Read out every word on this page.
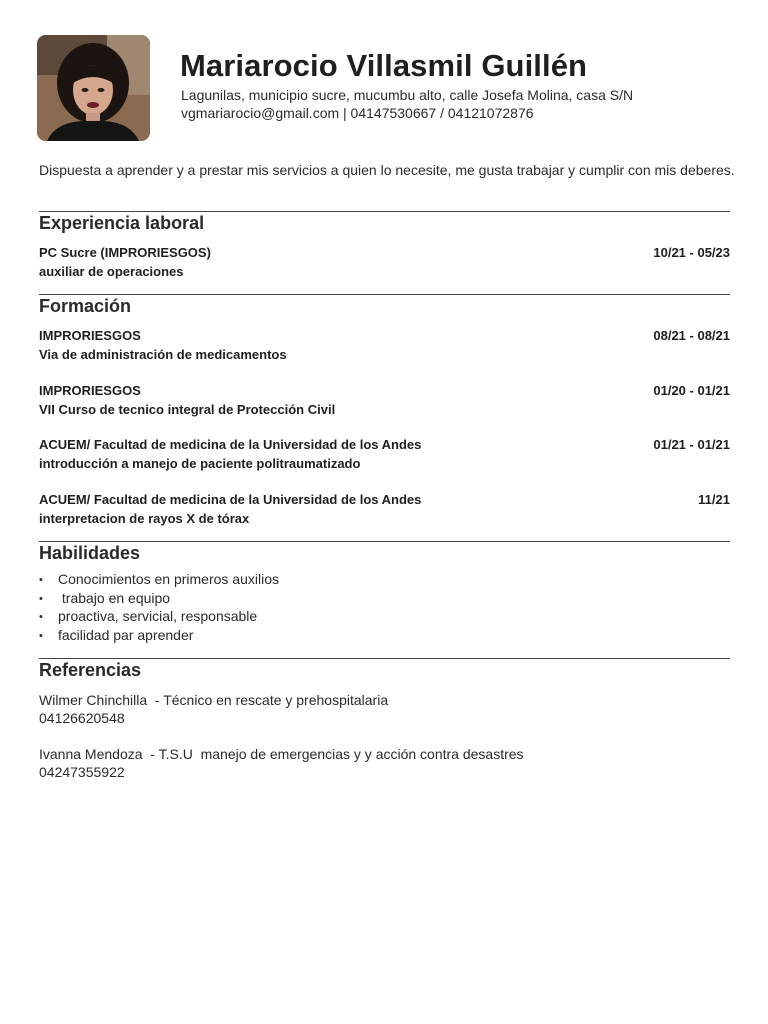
Mariarocio Villasmil Guillén
Lagunilas, municipio sucre, mucumbu alto, calle Josefa Molina, casa S/N
vgmariarocio@gmail.com | 04147530667 / 04121072876
Dispuesta a aprender y a prestar mis servicios a quien lo necesite, me gusta trabajar y cumplir con mis deberes.
Experiencia laboral
PC Sucre (IMPRORIESGOS)
auxiliar de operaciones
10/21 - 05/23
Formación
IMPRORIESGOS
Via de administración de medicamentos
08/21 - 08/21
IMPRORIESGOS
VII Curso de tecnico integral de Protección Civil
01/20 - 01/21
ACUEM/ Facultad de medicina de la Universidad de los Andes
introducción a manejo de paciente politraumatizado
01/21 - 01/21
ACUEM/ Facultad de medicina de la Universidad de los Andes
interpretacion de rayos X de tórax
11/21
Habilidades
• Conocimientos en primeros auxilios
• trabajo en equipo
• proactiva, servicial, responsable
• facilidad par aprender
Referencias
Wilmer Chinchilla  - Técnico en rescate y prehospitalaria
04126620548
Ivanna Mendoza  - T.S.U  manejo de emergencias y y acción contra desastres
04247355922
